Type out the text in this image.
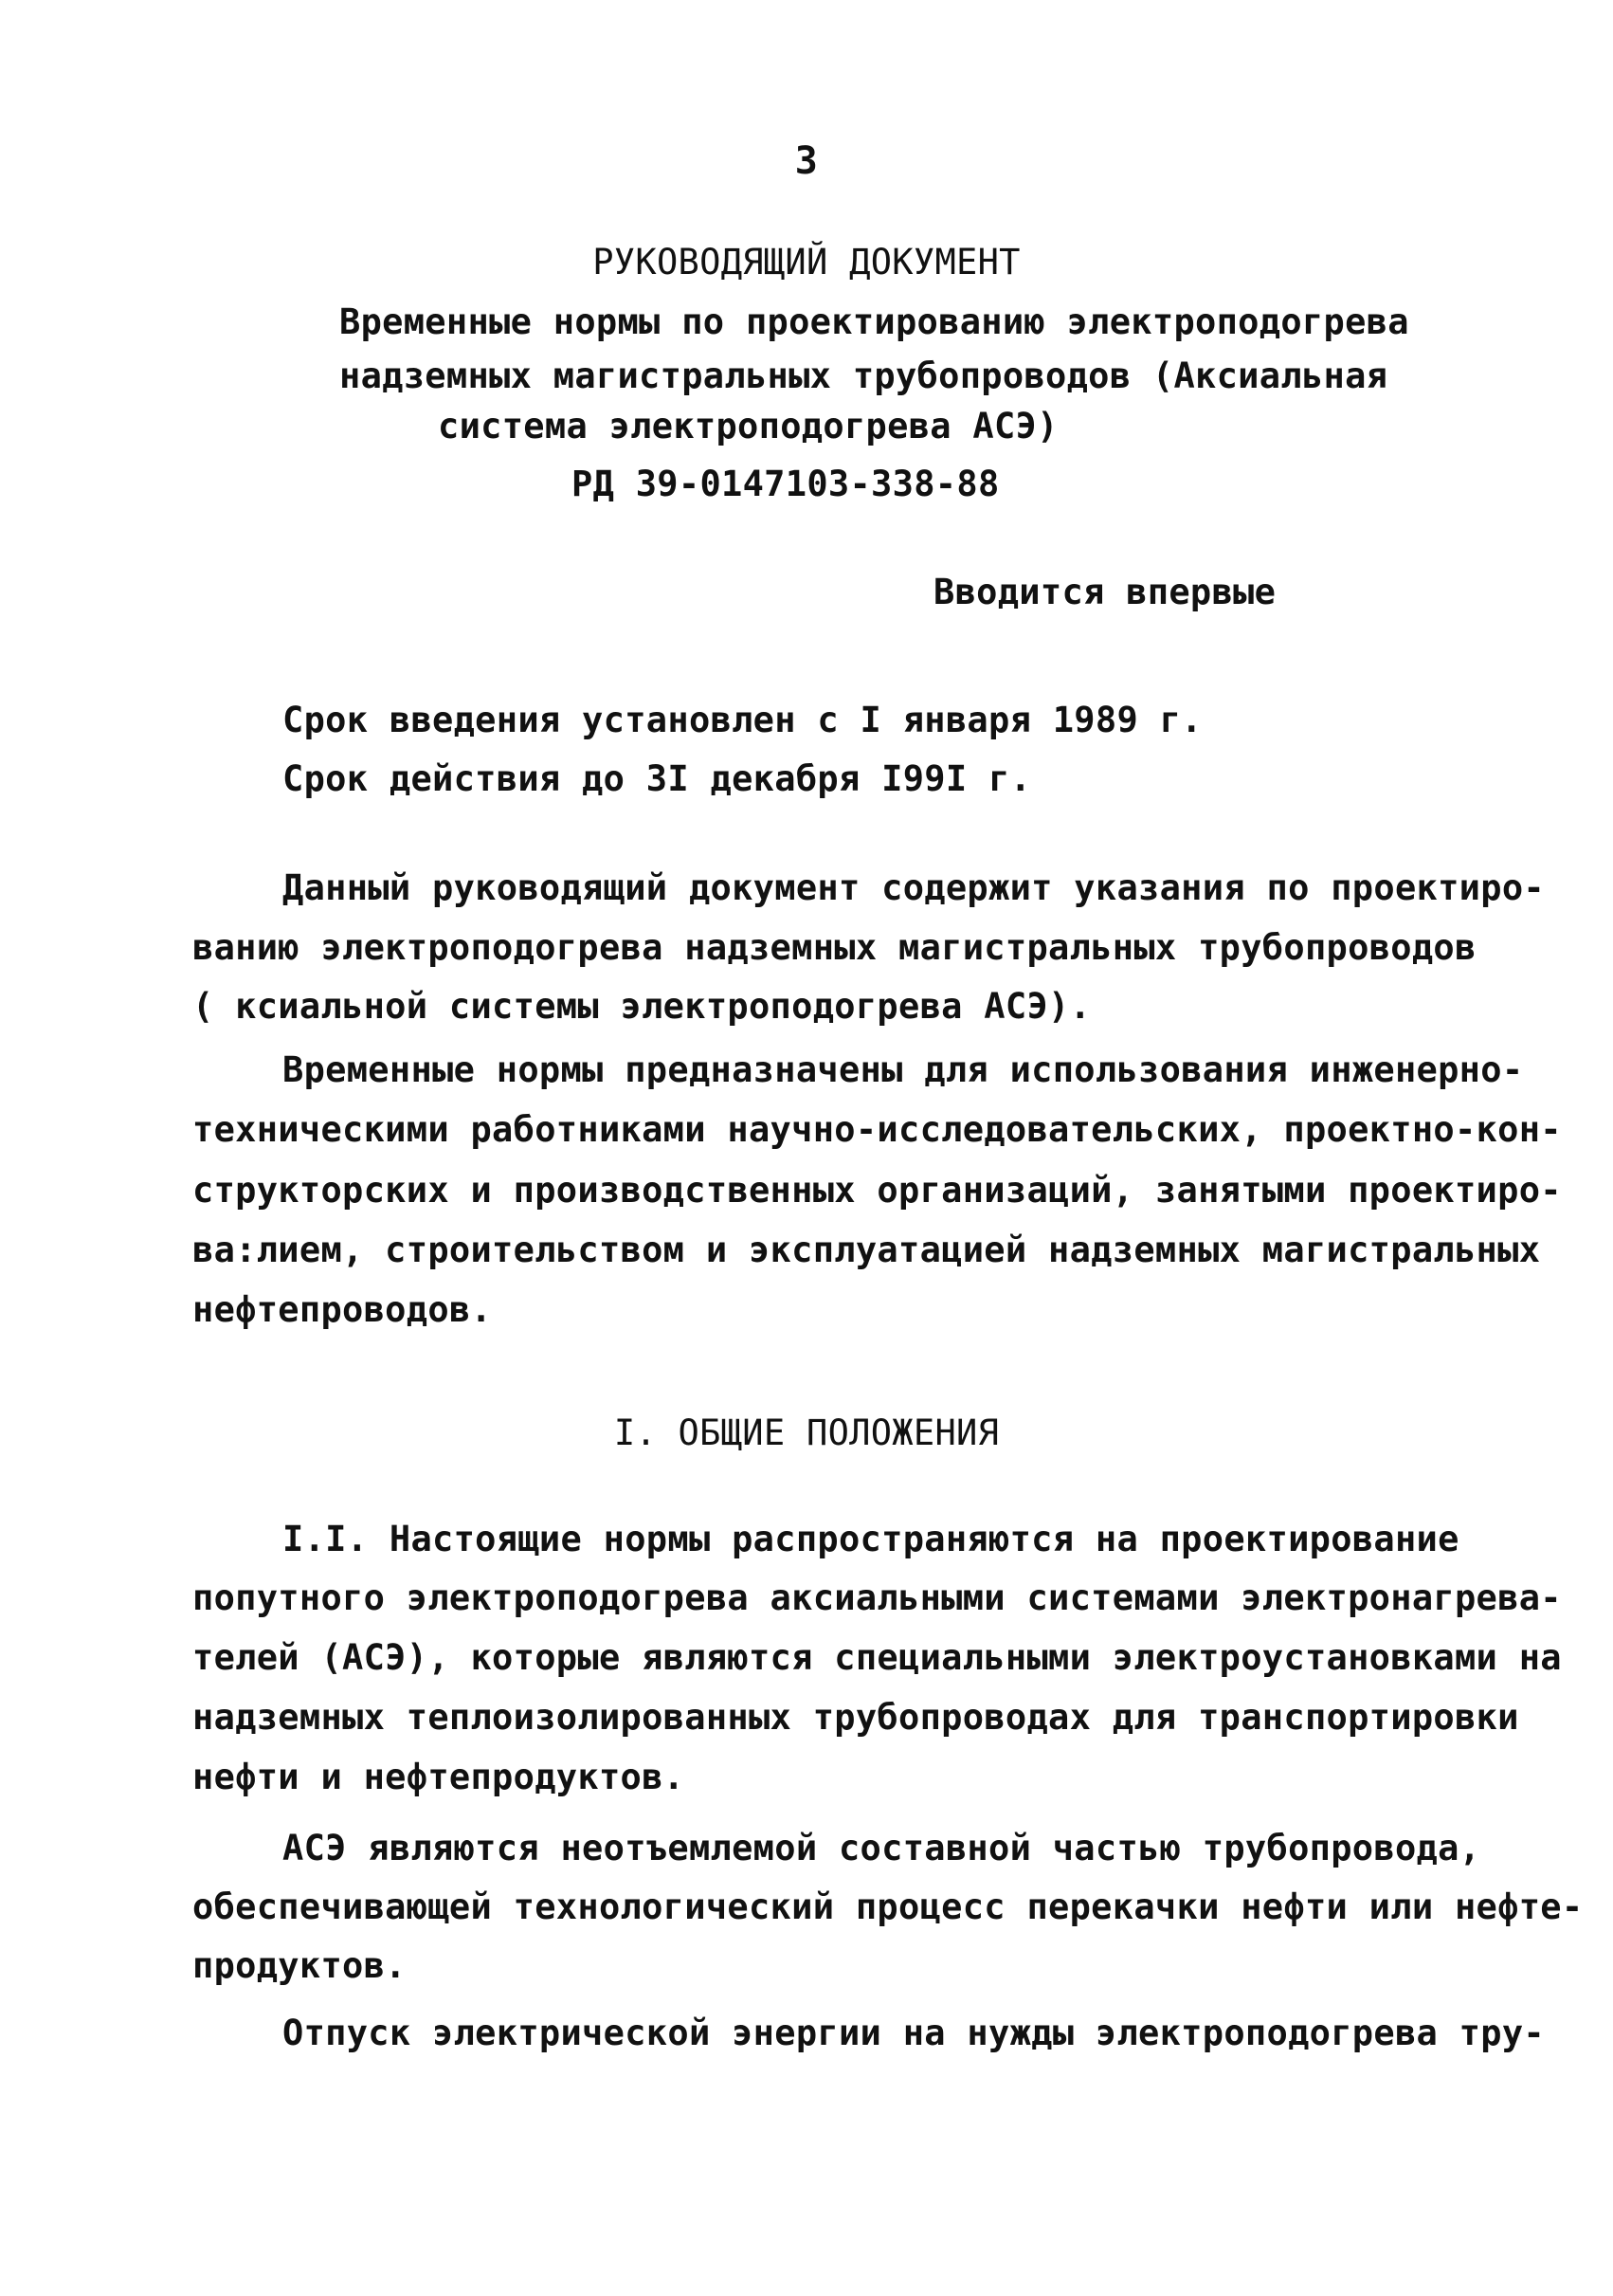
3
РУКОВОДЯЩИЙ ДОКУМЕНТ
Временные нормы по проектированию электроподогрева
надземных магистральных трубопроводов (Аксиальная
система электроподогрева АСЭ)
РД 39-0147103-338-88
Вводится впервые
Срок введения установлен с I января 1989 г.
Срок действия до 3I декабря I99I г.
Данный руководящий документ содержит указания по проектиро-
ванию электроподогрева надземных магистральных трубопроводов
( ксиальной системы электроподогрева АСЭ).
Временные нормы предназначены для использования инженерно-
техническими работниками научно-исследовательских, проектно-кон-
структорских и производственных организаций, занятыми проектиро-
ва:лием, строительством и эксплуатацией надземных магистральных
нефтепроводов.
I. ОБЩИЕ ПОЛОЖЕНИЯ
I.I. Настоящие нормы распространяются на проектирование
попутного электроподогрева аксиальными системами электронагрева-
телей (АСЭ), которые являются специальными электроустановками на
надземных теплоизолированных трубопроводах для транспортировки
нефти и нефтепродуктов.
АСЭ являются неотъемлемой составной частью трубопровода,
обеспечивающей технологический процесс перекачки нефти или нефте-
продуктов.
Отпуск электрической энергии на нужды электроподогрева тру-
